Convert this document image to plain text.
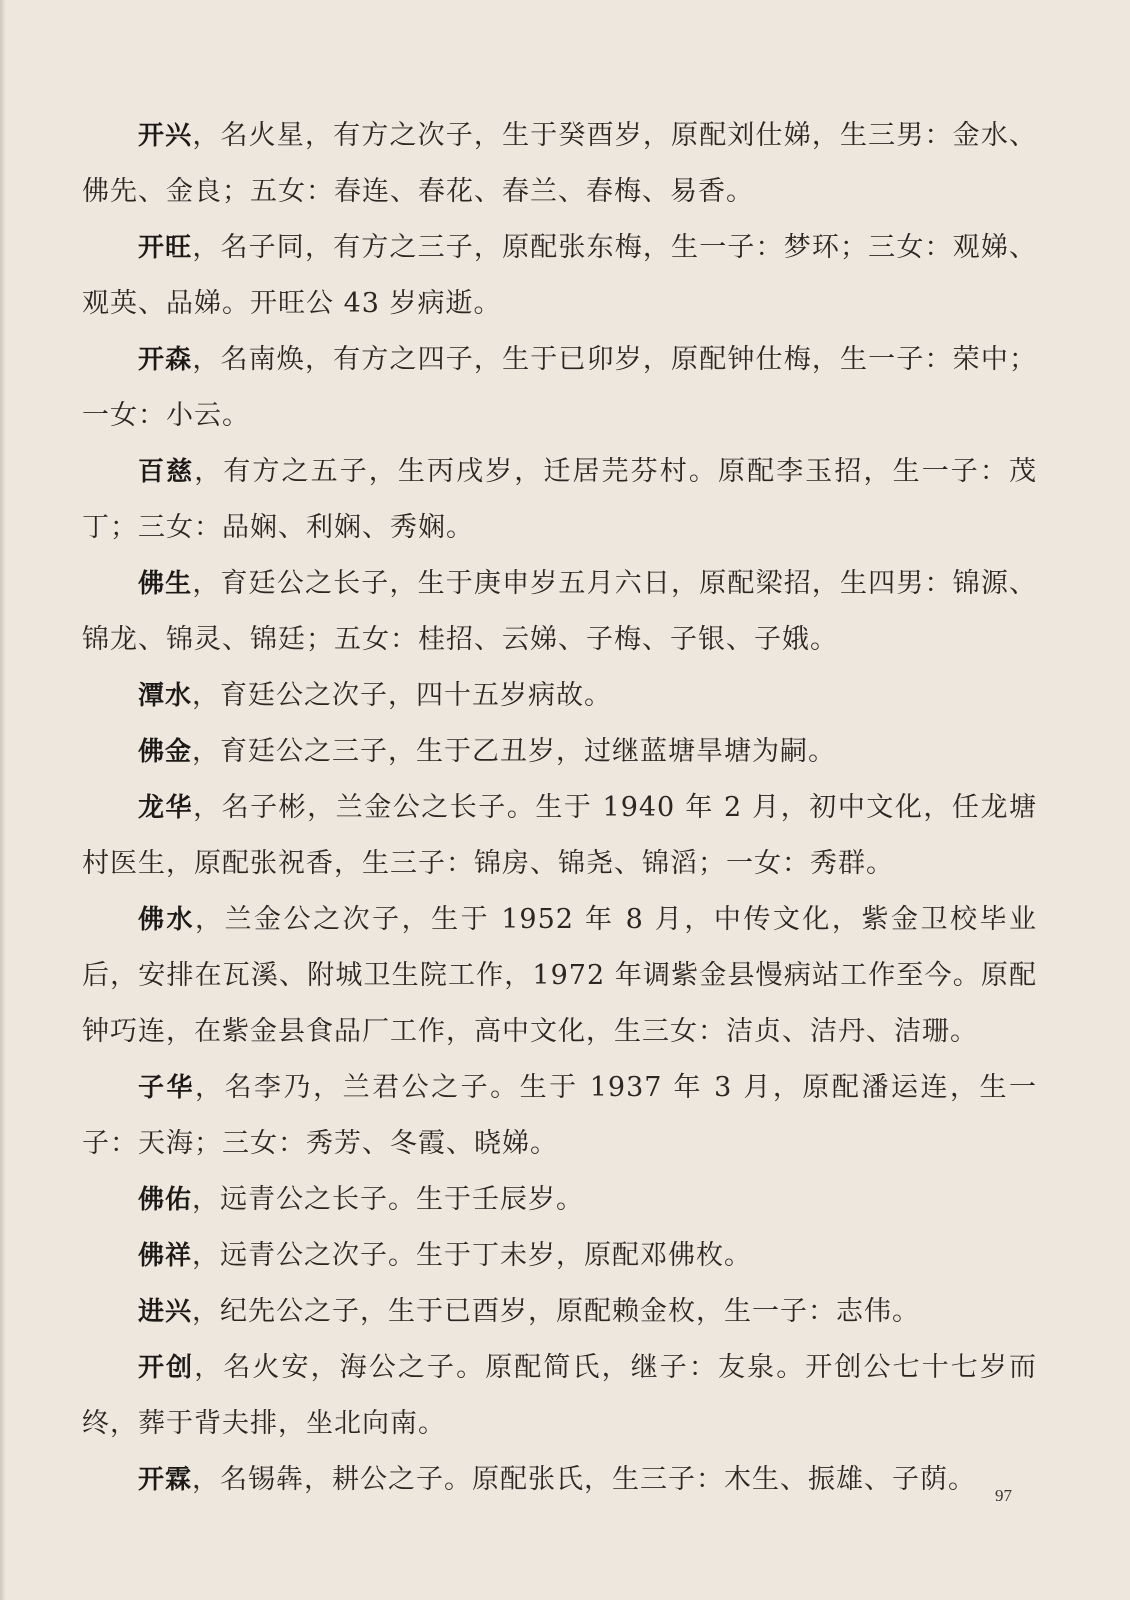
开兴，名火星，有方之次子，生于癸酉岁，原配刘仕娣，生三男：金水、佛先、金良；五女：春连、春花、春兰、春梅、易香。

开旺，名子同，有方之三子，原配张东梅，生一子：梦环；三女：观娣、观英、品娣。开旺公 43 岁病逝。

开森，名南焕，有方之四子，生于已卯岁，原配钟仕梅，生一子：荣中；一女：小云。

百慈，有方之五子，生丙戌岁，迁居芫芬村。原配李玉招，生一子：茂丁；三女：品娴、利娴、秀娴。

佛生，育廷公之长子，生于庚申岁五月六日，原配梁招，生四男：锦源、锦龙、锦灵、锦廷；五女：桂招、云娣、子梅、子银、子娥。

潭水，育廷公之次子，四十五岁病故。

佛金，育廷公之三子，生于乙丑岁，过继蓝塘旱塘为嗣。

龙华，名子彬，兰金公之长子。生于 1940 年 2 月，初中文化，任龙塘村医生，原配张祝香，生三子：锦房、锦尧、锦滔；一女：秀群。

佛水，兰金公之次子，生于 1952 年 8 月，中传文化，紫金卫校毕业后，安排在瓦溪、附城卫生院工作，1972 年调紫金县慢病站工作至今。原配钟巧连，在紫金县食品厂工作，高中文化，生三女：洁贞、洁丹、洁珊。

子华，名李乃，兰君公之子。生于 1937 年 3 月，原配潘运连，生一子：天海；三女：秀芳、冬霞、晓娣。

佛佑，远青公之长子。生于壬辰岁。

佛祥，远青公之次子。生于丁未岁，原配邓佛枚。

进兴，纪先公之子，生于已酉岁，原配赖金枚，生一子：志伟。

开创，名火安，海公之子。原配简氏，继子：友泉。开创公七十七岁而终，葬于背夫排，坐北向南。

开霖，名锡犇，耕公之子。原配张氏，生三子：木生、振雄、子荫。

97
